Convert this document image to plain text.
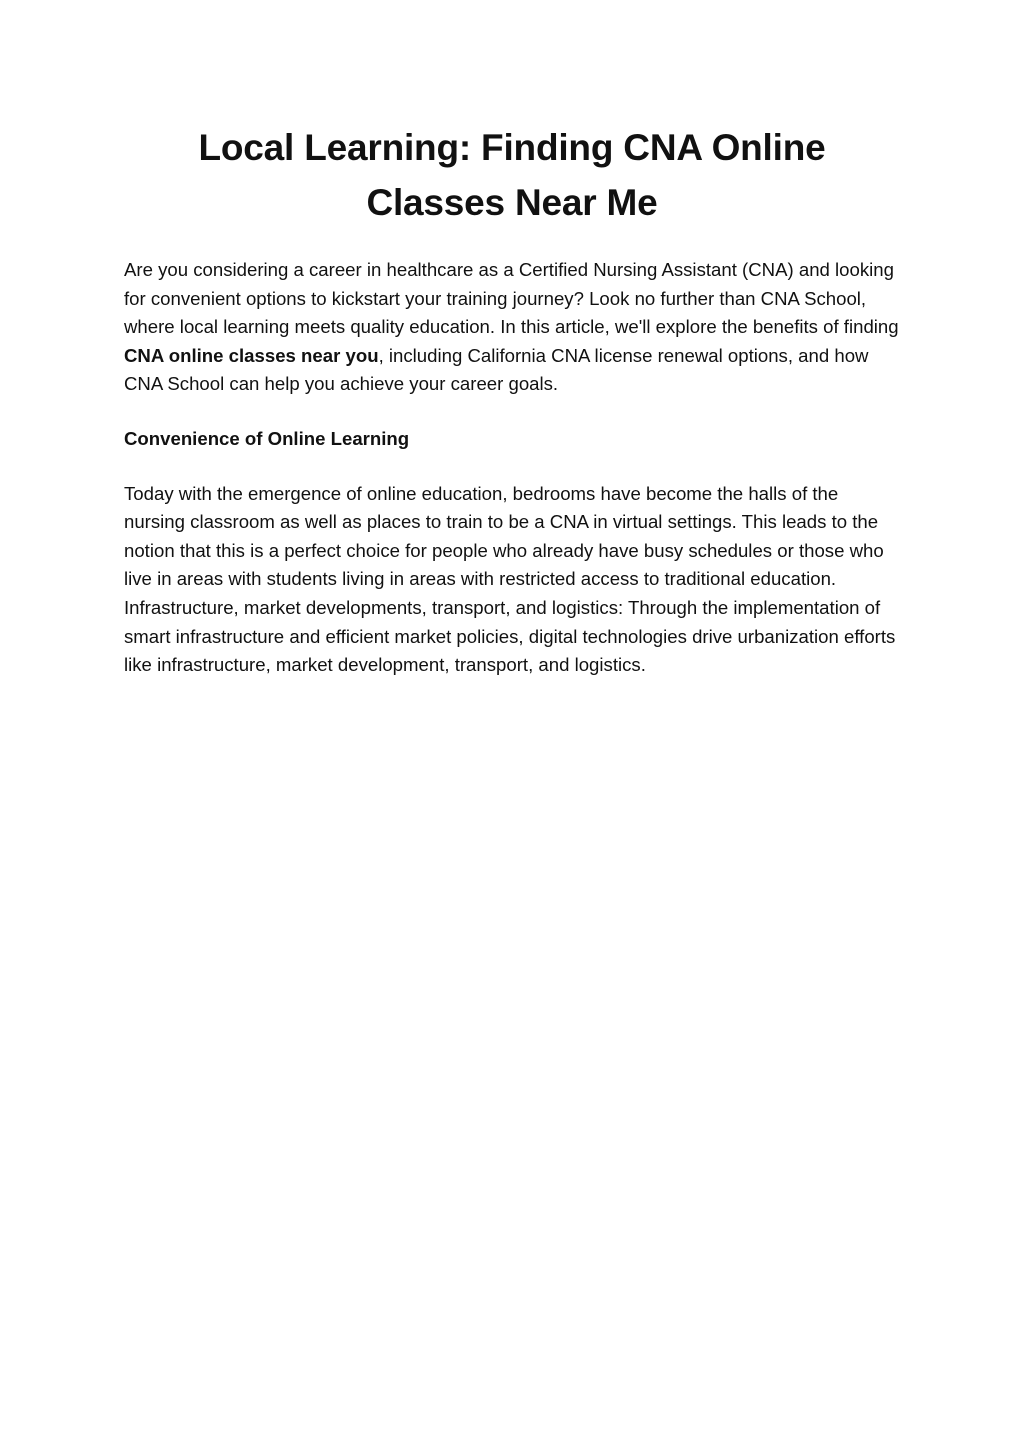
Local Learning: Finding CNA Online Classes Near Me

Are you considering a career in healthcare as a Certified Nursing Assistant (CNA) and looking for convenient options to kickstart your training journey? Look no further than CNA School, where local learning meets quality education. In this article, we'll explore the benefits of finding CNA online classes near you, including California CNA license renewal options, and how CNA School can help you achieve your career goals.

Convenience of Online Learning

Today with the emergence of online education, bedrooms have become the halls of the nursing classroom as well as places to train to be a CNA in virtual settings. This leads to the notion that this is a perfect choice for people who already have busy schedules or those who live in areas with students living in areas with restricted access to traditional education. Infrastructure, market developments, transport, and logistics: Through the implementation of smart infrastructure and efficient market policies, digital technologies drive urbanization efforts like infrastructure, market development, transport, and logistics.
